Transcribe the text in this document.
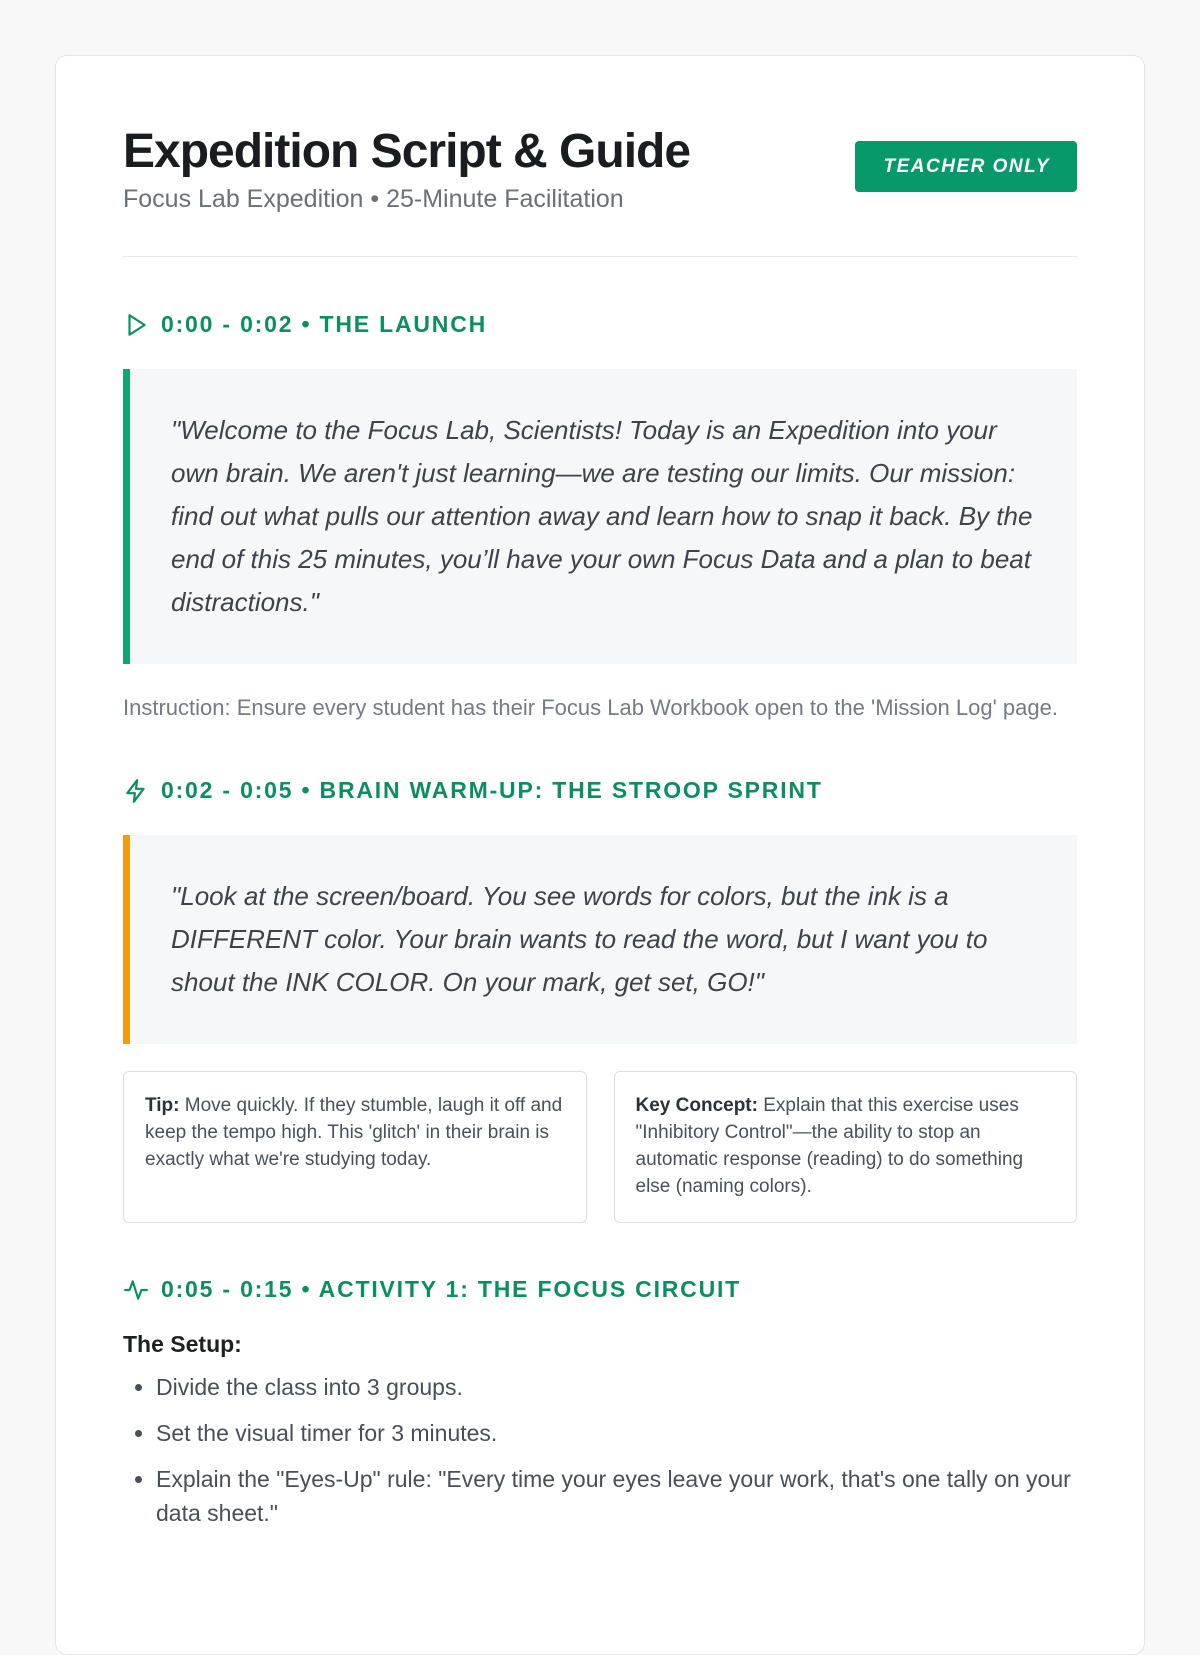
Expedition Script & Guide
Focus Lab Expedition • 25-Minute Facilitation
TEACHER ONLY
0:00 - 0:02 • THE LAUNCH
"Welcome to the Focus Lab, Scientists! Today is an Expedition into your own brain. We aren't just learning—we are testing our limits. Our mission: find out what pulls our attention away and learn how to snap it back. By the end of this 25 minutes, you’ll have your own Focus Data and a plan to beat distractions."
Instruction: Ensure every student has their Focus Lab Workbook open to the 'Mission Log' page.
0:02 - 0:05 • BRAIN WARM-UP: THE STROOP SPRINT
"Look at the screen/board. You see words for colors, but the ink is a DIFFERENT color. Your brain wants to read the word, but I want you to shout the INK COLOR. On your mark, get set, GO!"
Tip: Move quickly. If they stumble, laugh it off and keep the tempo high. This 'glitch' in their brain is exactly what we're studying today.
Key Concept: Explain that this exercise uses "Inhibitory Control"—the ability to stop an automatic response (reading) to do something else (naming colors).
0:05 - 0:15 • ACTIVITY 1: THE FOCUS CIRCUIT
The Setup:
• Divide the class into 3 groups.
• Set the visual timer for 3 minutes.
• Explain the "Eyes-Up" rule: "Every time your eyes leave your work, that's one tally on your data sheet."
